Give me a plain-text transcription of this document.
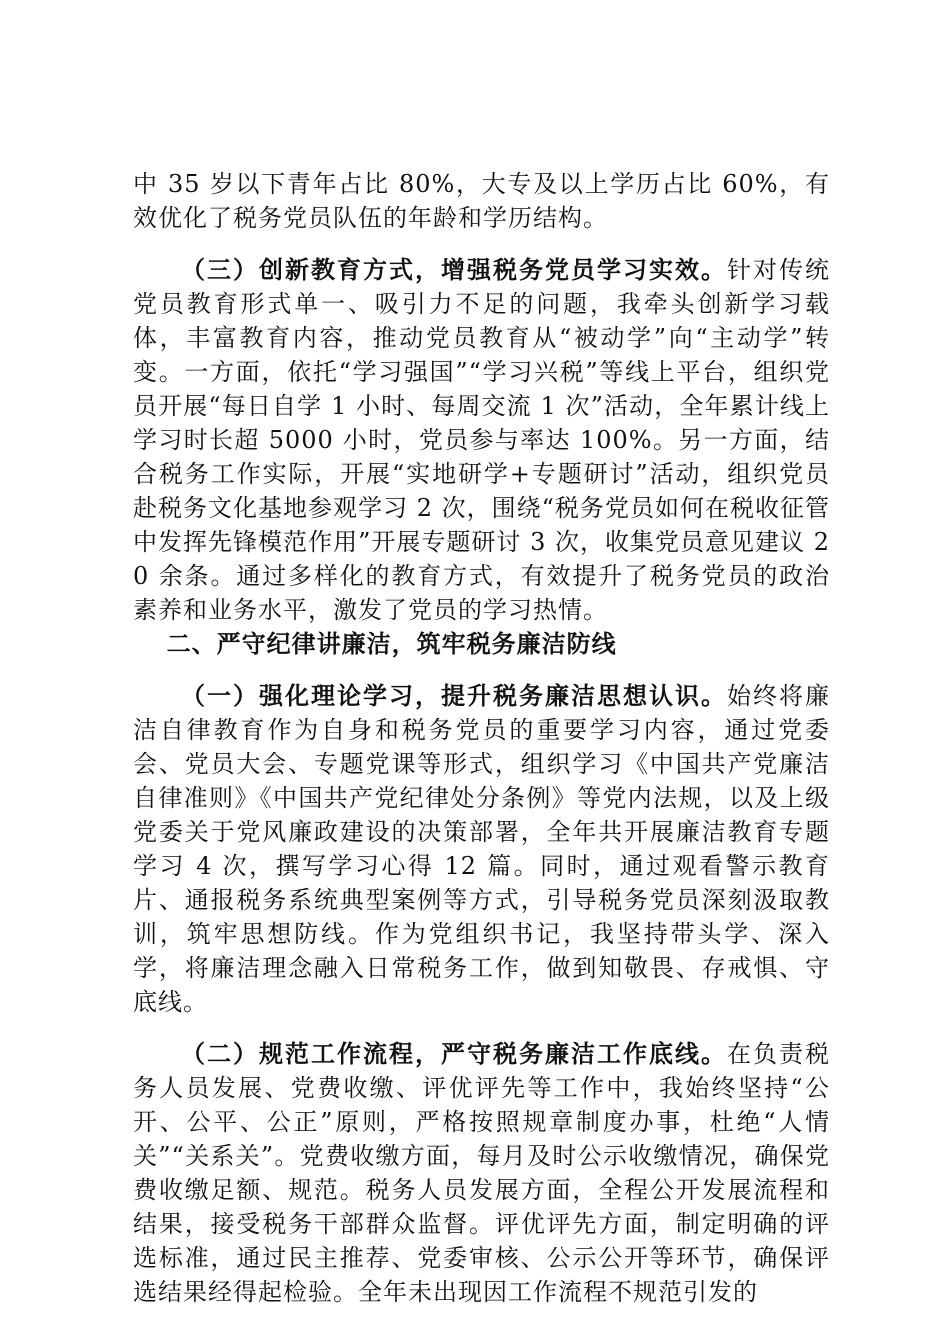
中 35 岁以下青年占比 80%，大专及以上学历占比 60%，有效优化了税务党员队伍的年龄和学历结构。

（三）创新教育方式，增强税务党员学习实效。针对传统党员教育形式单一、吸引力不足的问题，我牵头创新学习载体，丰富教育内容，推动党员教育从“被动学”向“主动学”转变。一方面，依托“学习强国”“学习兴税”等线上平台，组织党员开展“每日自学 1 小时、每周交流 1 次”活动，全年累计线上学习时长超 5000 小时，党员参与率达 100%。另一方面，结合税务工作实际，开展“实地研学+专题研讨”活动，组织党员赴税务文化基地参观学习 2 次，围绕“税务党员如何在税收征管中发挥先锋模范作用”开展专题研讨 3 次，收集党员意见建议 20 余条。通过多样化的教育方式，有效提升了税务党员的政治素养和业务水平，激发了党员的学习热情。

二、严守纪律讲廉洁，筑牢税务廉洁防线

（一）强化理论学习，提升税务廉洁思想认识。始终将廉洁自律教育作为自身和税务党员的重要学习内容，通过党委会、党员大会、专题党课等形式，组织学习《中国共产党廉洁自律准则》《中国共产党纪律处分条例》等党内法规，以及上级党委关于党风廉政建设的决策部署，全年共开展廉洁教育专题学习 4 次，撰写学习心得 12 篇。同时，通过观看警示教育片、通报税务系统典型案例等方式，引导税务党员深刻汲取教训，筑牢思想防线。作为党组织书记，我坚持带头学、深入学，将廉洁理念融入日常税务工作，做到知敬畏、存戒惧、守底线。

（二）规范工作流程，严守税务廉洁工作底线。在负责税务人员发展、党费收缴、评优评先等工作中，我始终坚持“公开、公平、公正”原则，严格按照规章制度办事，杜绝“人情关”“关系关”。党费收缴方面，每月及时公示收缴情况，确保党费收缴足额、规范。税务人员发展方面，全程公开发展流程和结果，接受税务干部群众监督。评优评先方面，制定明确的评选标准，通过民主推荐、党委审核、公示公开等环节，确保评选结果经得起检验。全年未出现因工作流程不规范引发的
